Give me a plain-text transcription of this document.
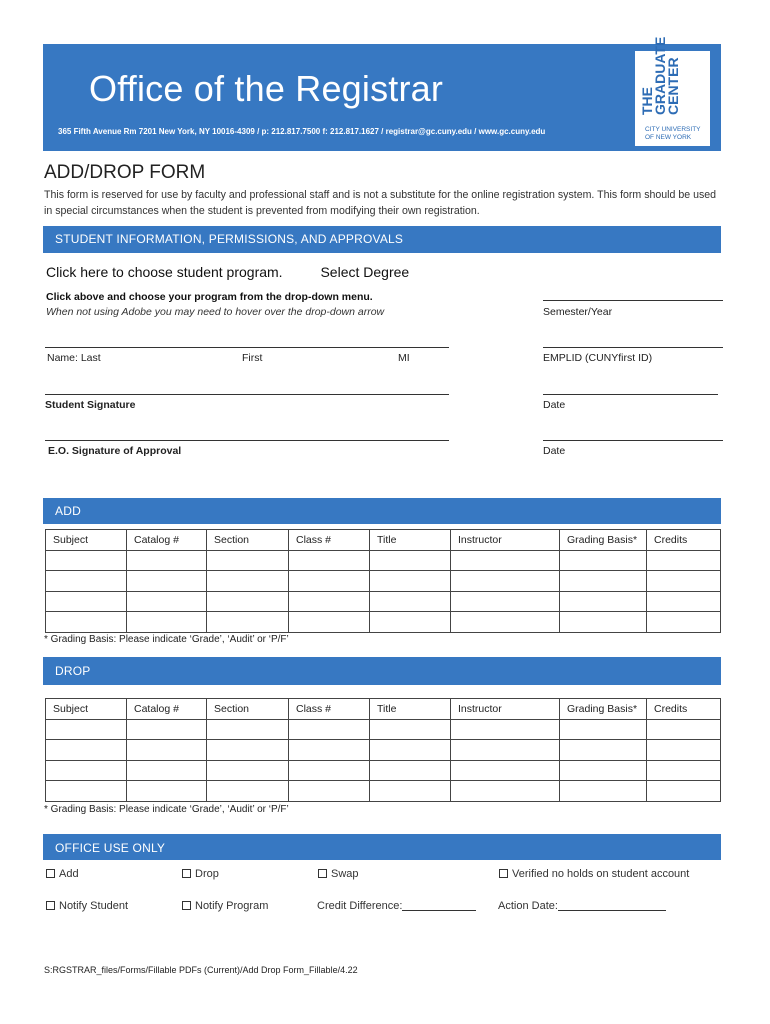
Office of the Registrar
365 Fifth Avenue Rm 7201 New York, NY 10016-4309 / p: 212.817.7500 f: 212.817.1627 / registrar@gc.cuny.edu / www.gc.cuny.edu
THE
GRADUATE
CENTER
CITY UNIVERSITY
OF NEW YORK
ADD/DROP FORM
This form is reserved for use by faculty and professional staff and is not a substitute for the online registration system. This form should be used in special circumstances when the student is prevented from modifying their own registration.
STUDENT INFORMATION, PERMISSIONS, AND APPROVALS
Click here to choose student program.	Select Degree
Click above and choose your program from the drop-down menu.
When not using Adobe you may need to hover over the drop-down arrow	Semester/Year
Name: Last	First	MI	EMPLID (CUNYfirst ID)
Student Signature	Date
E.O. Signature of Approval	Date
ADD
Subject	Catalog #	Section	Class #	Title	Instructor	Grading Basis*	Credits

* Grading Basis: Please indicate ‘Grade’, ‘Audit’ or ‘P/F’
DROP
Subject	Catalog #	Section	Class #	Title	Instructor	Grading Basis*	Credits

* Grading Basis: Please indicate ‘Grade’, ‘Audit’ or ‘P/F’
OFFICE USE ONLY
Add	Drop	Swap	Verified no holds on student account
Notify Student	Notify Program	Credit Difference:	Action Date:
S:RGSTRAR_files/Forms/Fillable PDFs (Current)/Add Drop Form_Fillable/4.22
